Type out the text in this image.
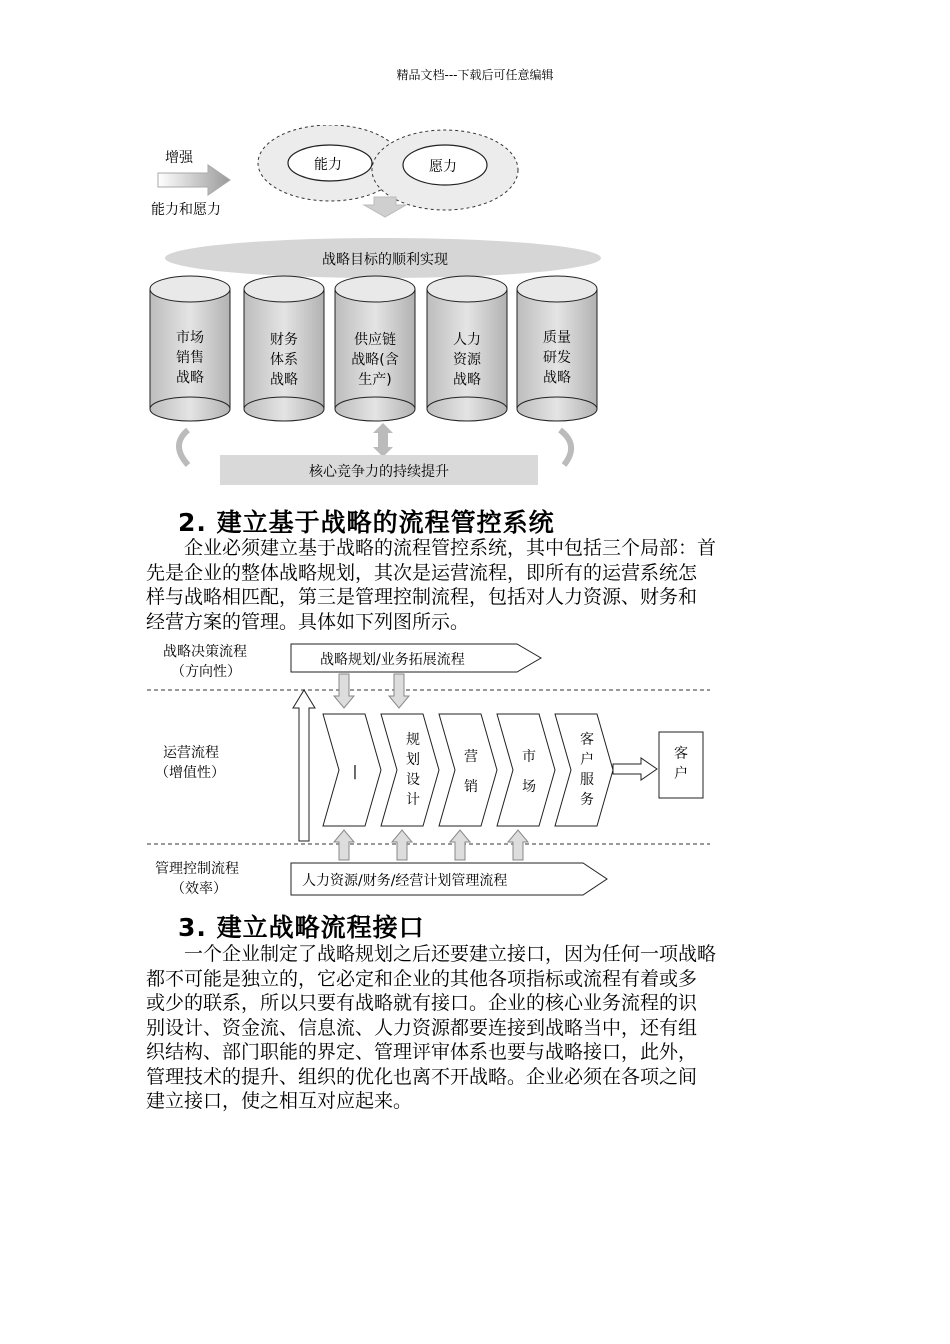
精品文档---下载后可任意编辑
增强
能力和愿力
能力	愿力
战略目标的顺利实现
市场
销售
战略
财务
体系
战略
供应链
战略(含
生产)
人力
资源
战略
质量
研发
战略
核心竞争力的持续提升
2. 建立基于战略的流程管控系统
企业必须建立基于战略的流程管控系统，其中包括三个局部：首
先是企业的整体战略规划，其次是运营流程，即所有的运营系统怎
样与战略相匹配，第三是管理控制流程，包括对人力资源、财务和
经营方案的管理。具体如下列图所示。
战略决策流程
（方向性）
战略规划/业务拓展流程
运营流程
（增值性）	|
规
划
设
计
营
销
市
场
客
户
服
务
客
户
管理控制流程
（效率）	人力资源/财务/经营计划管理流程
3. 建立战略流程接口
一个企业制定了战略规划之后还要建立接口，因为任何一项战略
都不可能是独立的，它必定和企业的其他各项指标或流程有着或多
或少的联系，所以只要有战略就有接口。企业的核心业务流程的识
别设计、资金流、信息流、人力资源都要连接到战略当中，还有组
织结构、部门职能的界定、管理评审体系也要与战略接口，此外，
管理技术的提升、组织的优化也离不开战略。企业必须在各项之间
建立接口，使之相互对应起来。
